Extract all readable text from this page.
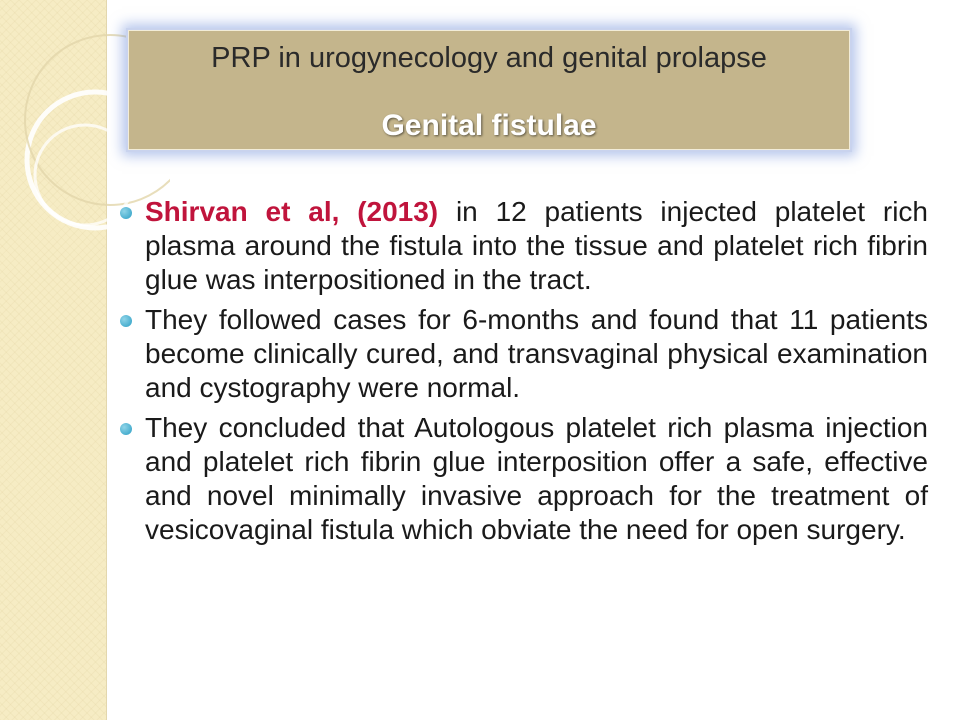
PRP in urogynecology and genital prolapse
Genital fistulae
Shirvan et al, (2013) in 12 patients injected platelet rich plasma around the fistula into the tissue and platelet rich fibrin glue was interpositioned in the tract.
They followed cases for 6-months and found that 11 patients become clinically cured, and transvaginal physical examination and cystography were normal.
They concluded that Autologous platelet rich plasma injection and platelet rich fibrin glue interposition offer a safe, effective and novel minimally invasive approach for the treatment of vesicovaginal fistula which obviate the need for open surgery.
